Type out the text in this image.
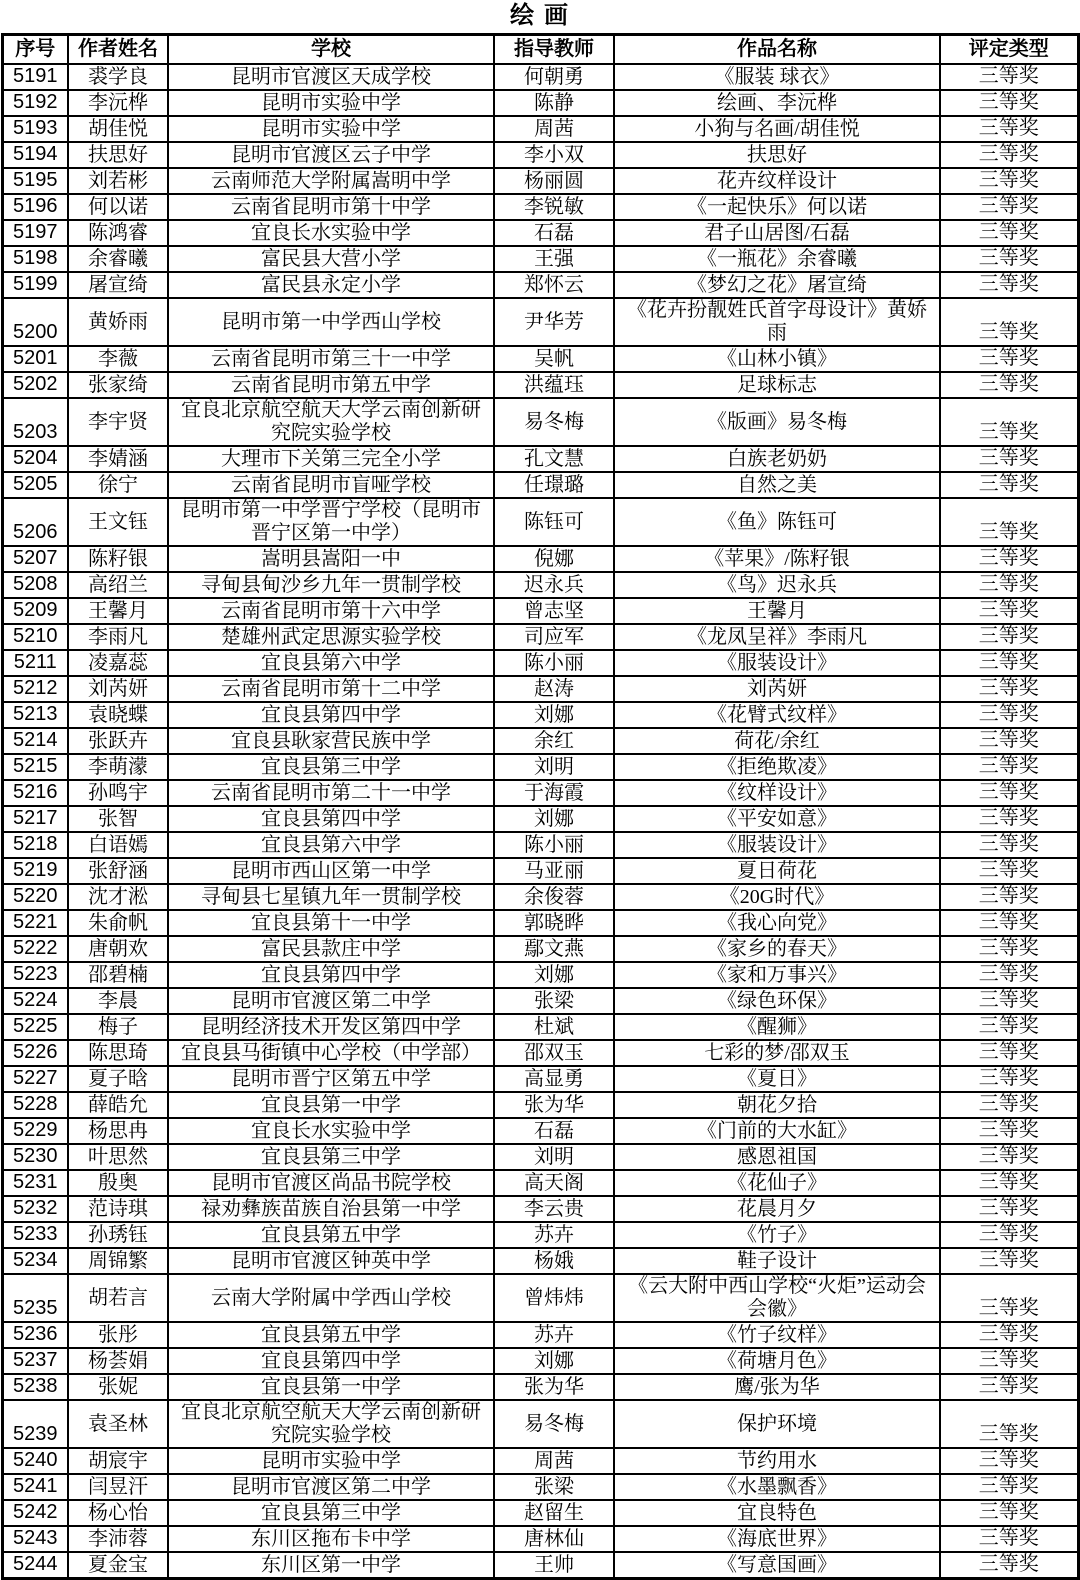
绘 画
序号	作者姓名	学校	指导教师	作品名称	评定类型
5191	裘学良	昆明市官渡区天成学校	何朝勇	《服装 球衣》	三等奖
5192	李沅桦	昆明市实验中学	陈静	绘画、李沅桦	三等奖
5193	胡佳悦	昆明市实验中学	周茜	小狗与名画/胡佳悦	三等奖
5194	扶思好	昆明市官渡区云子中学	李小双	扶思好	三等奖
5195	刘若彬	云南师范大学附属嵩明中学	杨丽圆	花卉纹样设计	三等奖
5196	何以诺	云南省昆明市第十中学	李锐敏	《一起快乐》何以诺	三等奖
5197	陈鸿睿	宜良长水实验中学	石磊	君子山居图/石磊	三等奖
5198	余睿曦	富民县大营小学	王强	《一瓶花》余睿曦	三等奖
5199	屠宣绮	富民县永定小学	郑怀云	《梦幻之花》屠宣绮	三等奖
5200	黄娇雨	昆明市第一中学西山学校	尹华芳	《花卉扮靓姓氏首字母设计》黄娇雨	三等奖
5201	李薇	云南省昆明市第三十一中学	吴帆	《山林小镇》	三等奖
5202	张家绮	云南省昆明市第五中学	洪蕴珏	足球标志	三等奖
5203	李宇贤	宜良北京航空航天大学云南创新研究院实验学校	易冬梅	《版画》易冬梅	三等奖
5204	李婧涵	大理市下关第三完全小学	孔文慧	白族老奶奶	三等奖
5205	徐宁	云南省昆明市盲哑学校	任璟璐	自然之美	三等奖
5206	王文钰	昆明市第一中学晋宁学校（昆明市晋宁区第一中学）	陈钰可	《鱼》陈钰可	三等奖
5207	陈籽银	嵩明县嵩阳一中	倪娜	《苹果》/陈籽银	三等奖
5208	高绍兰	寻甸县甸沙乡九年一贯制学校	迟永兵	《鸟》迟永兵	三等奖
5209	王馨月	云南省昆明市第十六中学	曾志坚	王馨月	三等奖
5210	李雨凡	楚雄州武定思源实验学校	司应军	《龙凤呈祥》李雨凡	三等奖
5211	凌嘉蕊	宜良县第六中学	陈小丽	《服装设计》	三等奖
5212	刘芮妍	云南省昆明市第十二中学	赵涛	刘芮妍	三等奖
5213	袁晓蝶	宜良县第四中学	刘娜	《花臂式纹样》	三等奖
5214	张跃卉	宜良县耿家营民族中学	余红	荷花/余红	三等奖
5215	李萌濛	宜良县第三中学	刘明	《拒绝欺凌》	三等奖
5216	孙鸣宇	云南省昆明市第二十一中学	于海霞	《纹样设计》	三等奖
5217	张智	宜良县第四中学	刘娜	《平安如意》	三等奖
5218	白语嫣	宜良县第六中学	陈小丽	《服装设计》	三等奖
5219	张舒涵	昆明市西山区第一中学	马亚丽	夏日荷花	三等奖
5220	沈才淞	寻甸县七星镇九年一贯制学校	余俊蓉	《20G时代》	三等奖
5221	朱俞帆	宜良县第十一中学	郭晓晔	《我心向党》	三等奖
5222	唐朝欢	富民县款庄中学	鄢文燕	《家乡的春天》	三等奖
5223	邵碧楠	宜良县第四中学	刘娜	《家和万事兴》	三等奖
5224	李晨	昆明市官渡区第二中学	张梁	《绿色环保》	三等奖
5225	梅子	昆明经济技术开发区第四中学	杜斌	《醒狮》	三等奖
5226	陈思琦	宜良县马街镇中心学校（中学部）	邵双玉	七彩的梦/邵双玉	三等奖
5227	夏子晗	昆明市晋宁区第五中学	高显勇	《夏日》	三等奖
5228	薛皓允	宜良县第一中学	张为华	朝花夕拾	三等奖
5229	杨思冉	宜良长水实验中学	石磊	《门前的大水缸》	三等奖
5230	叶思然	宜良县第三中学	刘明	感恩祖国	三等奖
5231	殷奥	昆明市官渡区尚品书院学校	高天阁	《花仙子》	三等奖
5232	范诗琪	禄劝彝族苗族自治县第一中学	李云贵	花晨月夕	三等奖
5233	孙琇钰	宜良县第五中学	苏卉	《竹子》	三等奖
5234	周锦繁	昆明市官渡区钟英中学	杨娥	鞋子设计	三等奖
5235	胡若言	云南大学附属中学西山学校	曾炜炜	《云大附中西山学校“火炬”运动会会徽》	三等奖
5236	张彤	宜良县第五中学	苏卉	《竹子纹样》	三等奖
5237	杨荟娟	宜良县第四中学	刘娜	《荷塘月色》	三等奖
5238	张妮	宜良县第一中学	张为华	鹰/张为华	三等奖
5239	袁圣林	宜良北京航空航天大学云南创新研究院实验学校	易冬梅	保护环境	三等奖
5240	胡宸宇	昆明市实验中学	周茜	节约用水	三等奖
5241	闫昱汗	昆明市官渡区第二中学	张梁	《水墨飘香》	三等奖
5242	杨心怡	宜良县第三中学	赵留生	宜良特色	三等奖
5243	李沛蓉	东川区拖布卡中学	唐林仙	《海底世界》	三等奖
5244	夏金宝	东川区第一中学	王帅	《写意国画》	三等奖
